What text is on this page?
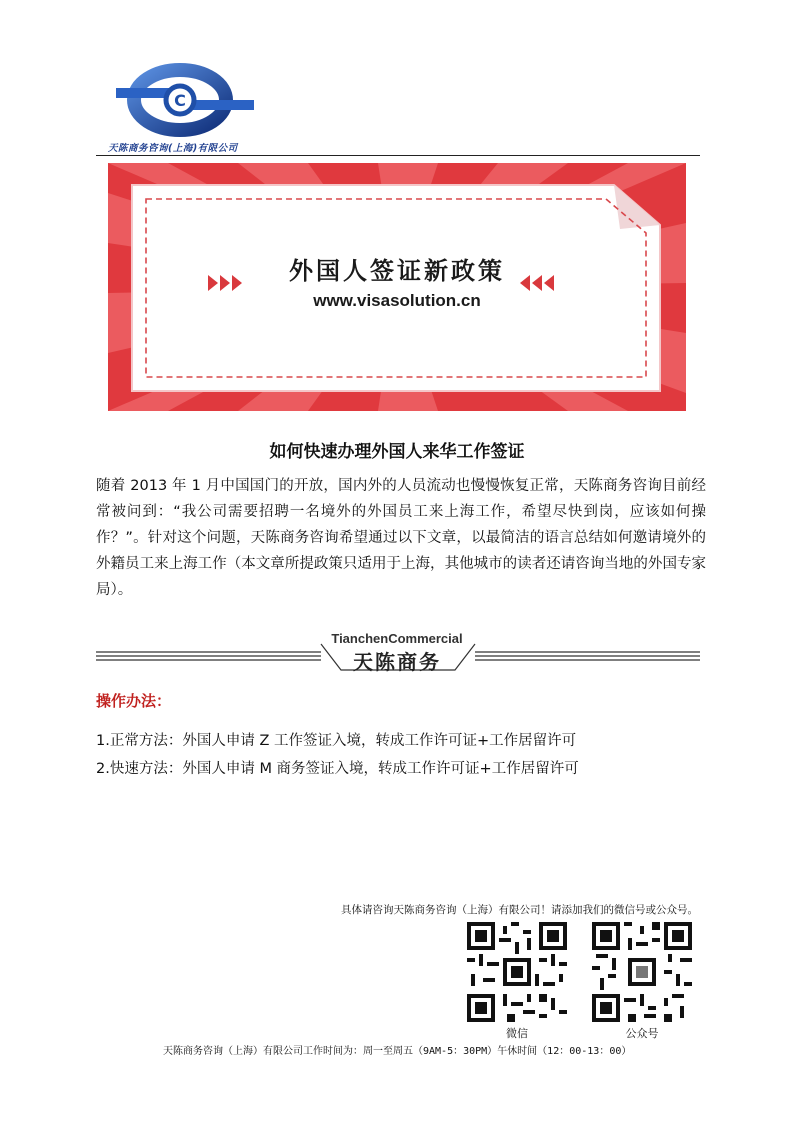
C
天陈商务咨询(上海)有限公司
外国人签证新政策
www.visasolution.cn
如何快速办理外国人来华工作签证
随着 2013 年 1 月中国国门的开放，国内外的人员流动也慢慢恢复正常，天陈商务咨询目前经常被问到：“我公司需要招聘一名境外的外国员工来上海工作，希望尽快到岗，应该如何操作？”。针对这个问题，天陈商务咨询希望通过以下文章，以最简洁的语言总结如何邀请境外的外籍员工来上海工作（本文章所提政策只适用于上海，其他城市的读者还请咨询当地的外国专家局）。
TianchenCommercial
天陈商务
操作办法：
1.正常方法：外国人申请 Z 工作签证入境，转成工作许可证+工作居留许可
2.快速方法：外国人申请 M 商务签证入境，转成工作许可证+工作居留许可
具体请咨询天陈商务咨询（上海）有限公司！请添加我们的微信号或公众号。
微信	公众号
天陈商务咨询（上海）有限公司工作时间为：周一至周五（9AM-5：30PM）午休时间（12：00-13：00）
